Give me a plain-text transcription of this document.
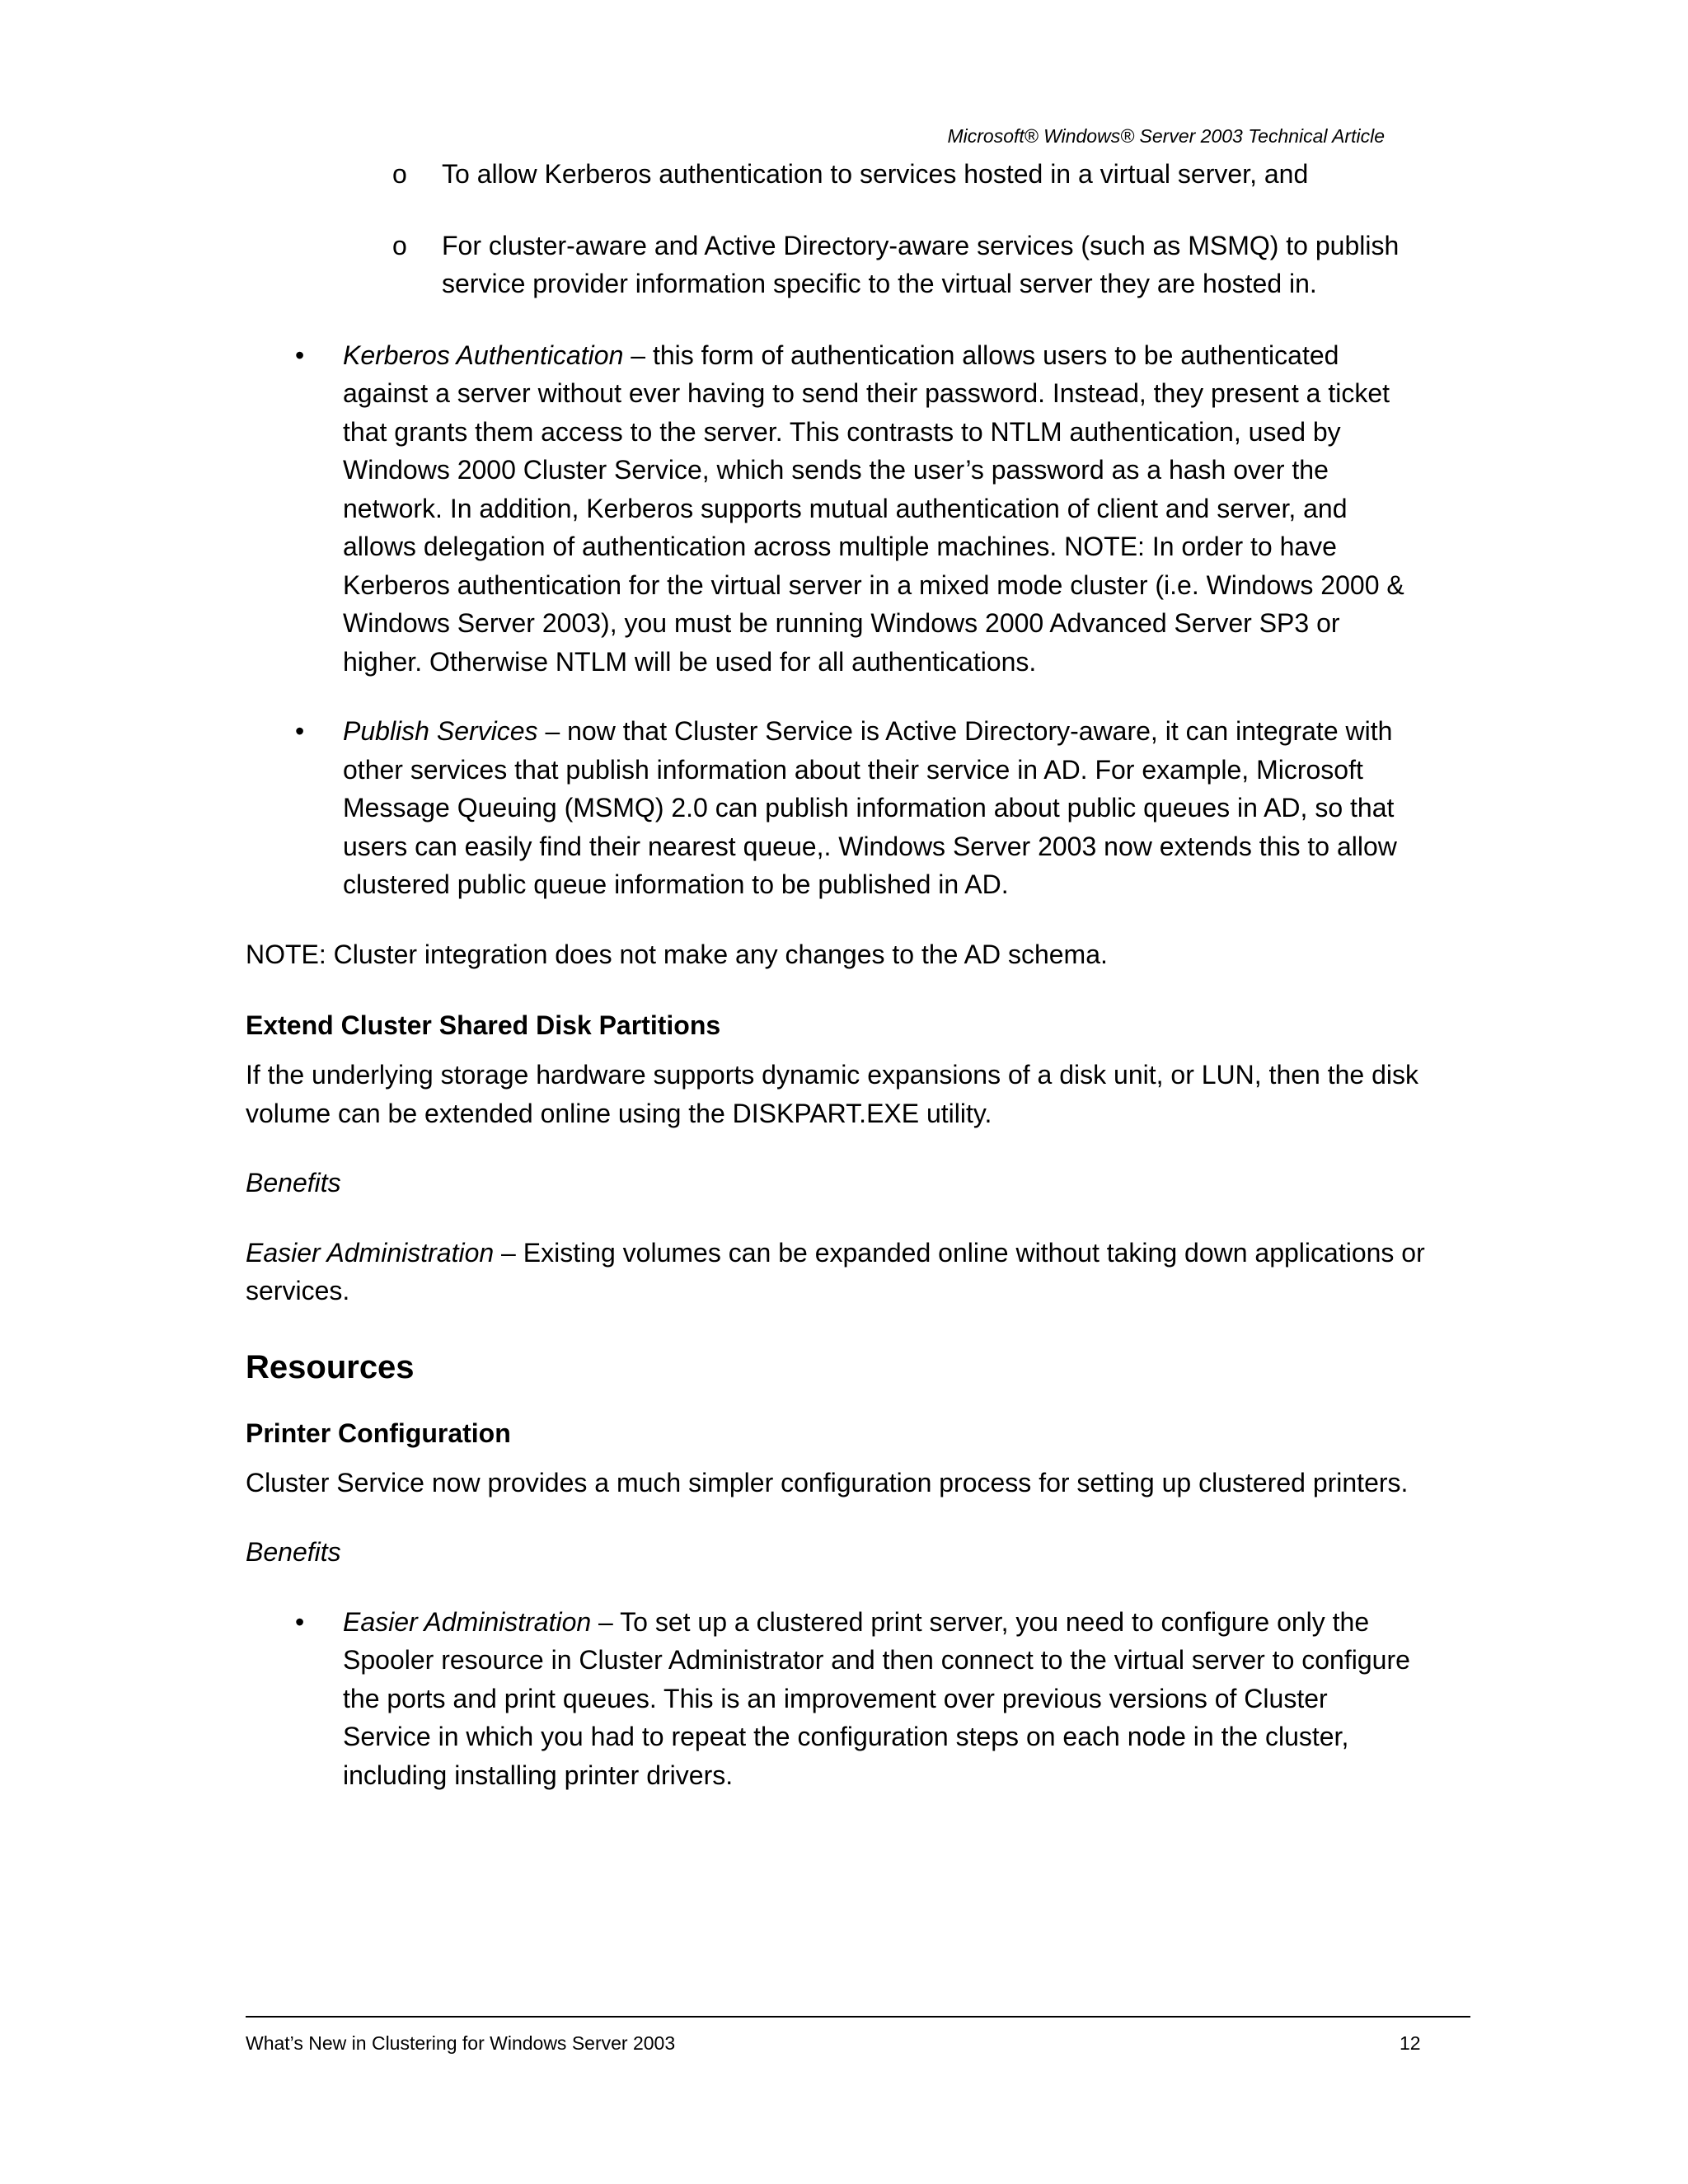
Microsoft® Windows® Server 2003 Technical Article
o To allow Kerberos authentication to services hosted in a virtual server, and
o For cluster-aware and Active Directory-aware services (such as MSMQ) to publish service provider information specific to the virtual server they are hosted in.
• Kerberos Authentication – this form of authentication allows users to be authenticated against a server without ever having to send their password. Instead, they present a ticket that grants them access to the server. This contrasts to NTLM authentication, used by Windows 2000 Cluster Service, which sends the user’s password as a hash over the network. In addition, Kerberos supports mutual authentication of client and server, and allows delegation of authentication across multiple machines. NOTE: In order to have Kerberos authentication for the virtual server in a mixed mode cluster (i.e. Windows 2000 & Windows Server 2003), you must be running Windows 2000 Advanced Server SP3 or higher. Otherwise NTLM will be used for all authentications.
• Publish Services – now that Cluster Service is Active Directory-aware, it can integrate with other services that publish information about their service in AD. For example, Microsoft Message Queuing (MSMQ) 2.0 can publish information about public queues in AD, so that users can easily find their nearest queue,. Windows Server 2003 now extends this to allow clustered public queue information to be published in AD.

NOTE: Cluster integration does not make any changes to the AD schema.

Extend Cluster Shared Disk Partitions

If the underlying storage hardware supports dynamic expansions of a disk unit, or LUN, then the disk volume can be extended online using the DISKPART.EXE utility.

Benefits

Easier Administration – Existing volumes can be expanded online without taking down applications or services.

Resources
Printer Configuration

Cluster Service now provides a much simpler configuration process for setting up clustered printers.

Benefits

• Easier Administration – To set up a clustered print server, you need to configure only the Spooler resource in Cluster Administrator and then connect to the virtual server to configure the ports and print queues. This is an improvement over previous versions of Cluster Service in which you had to repeat the configuration steps on each node in the cluster, including installing printer drivers.
What’s New in Clustering for Windows Server 2003	12
